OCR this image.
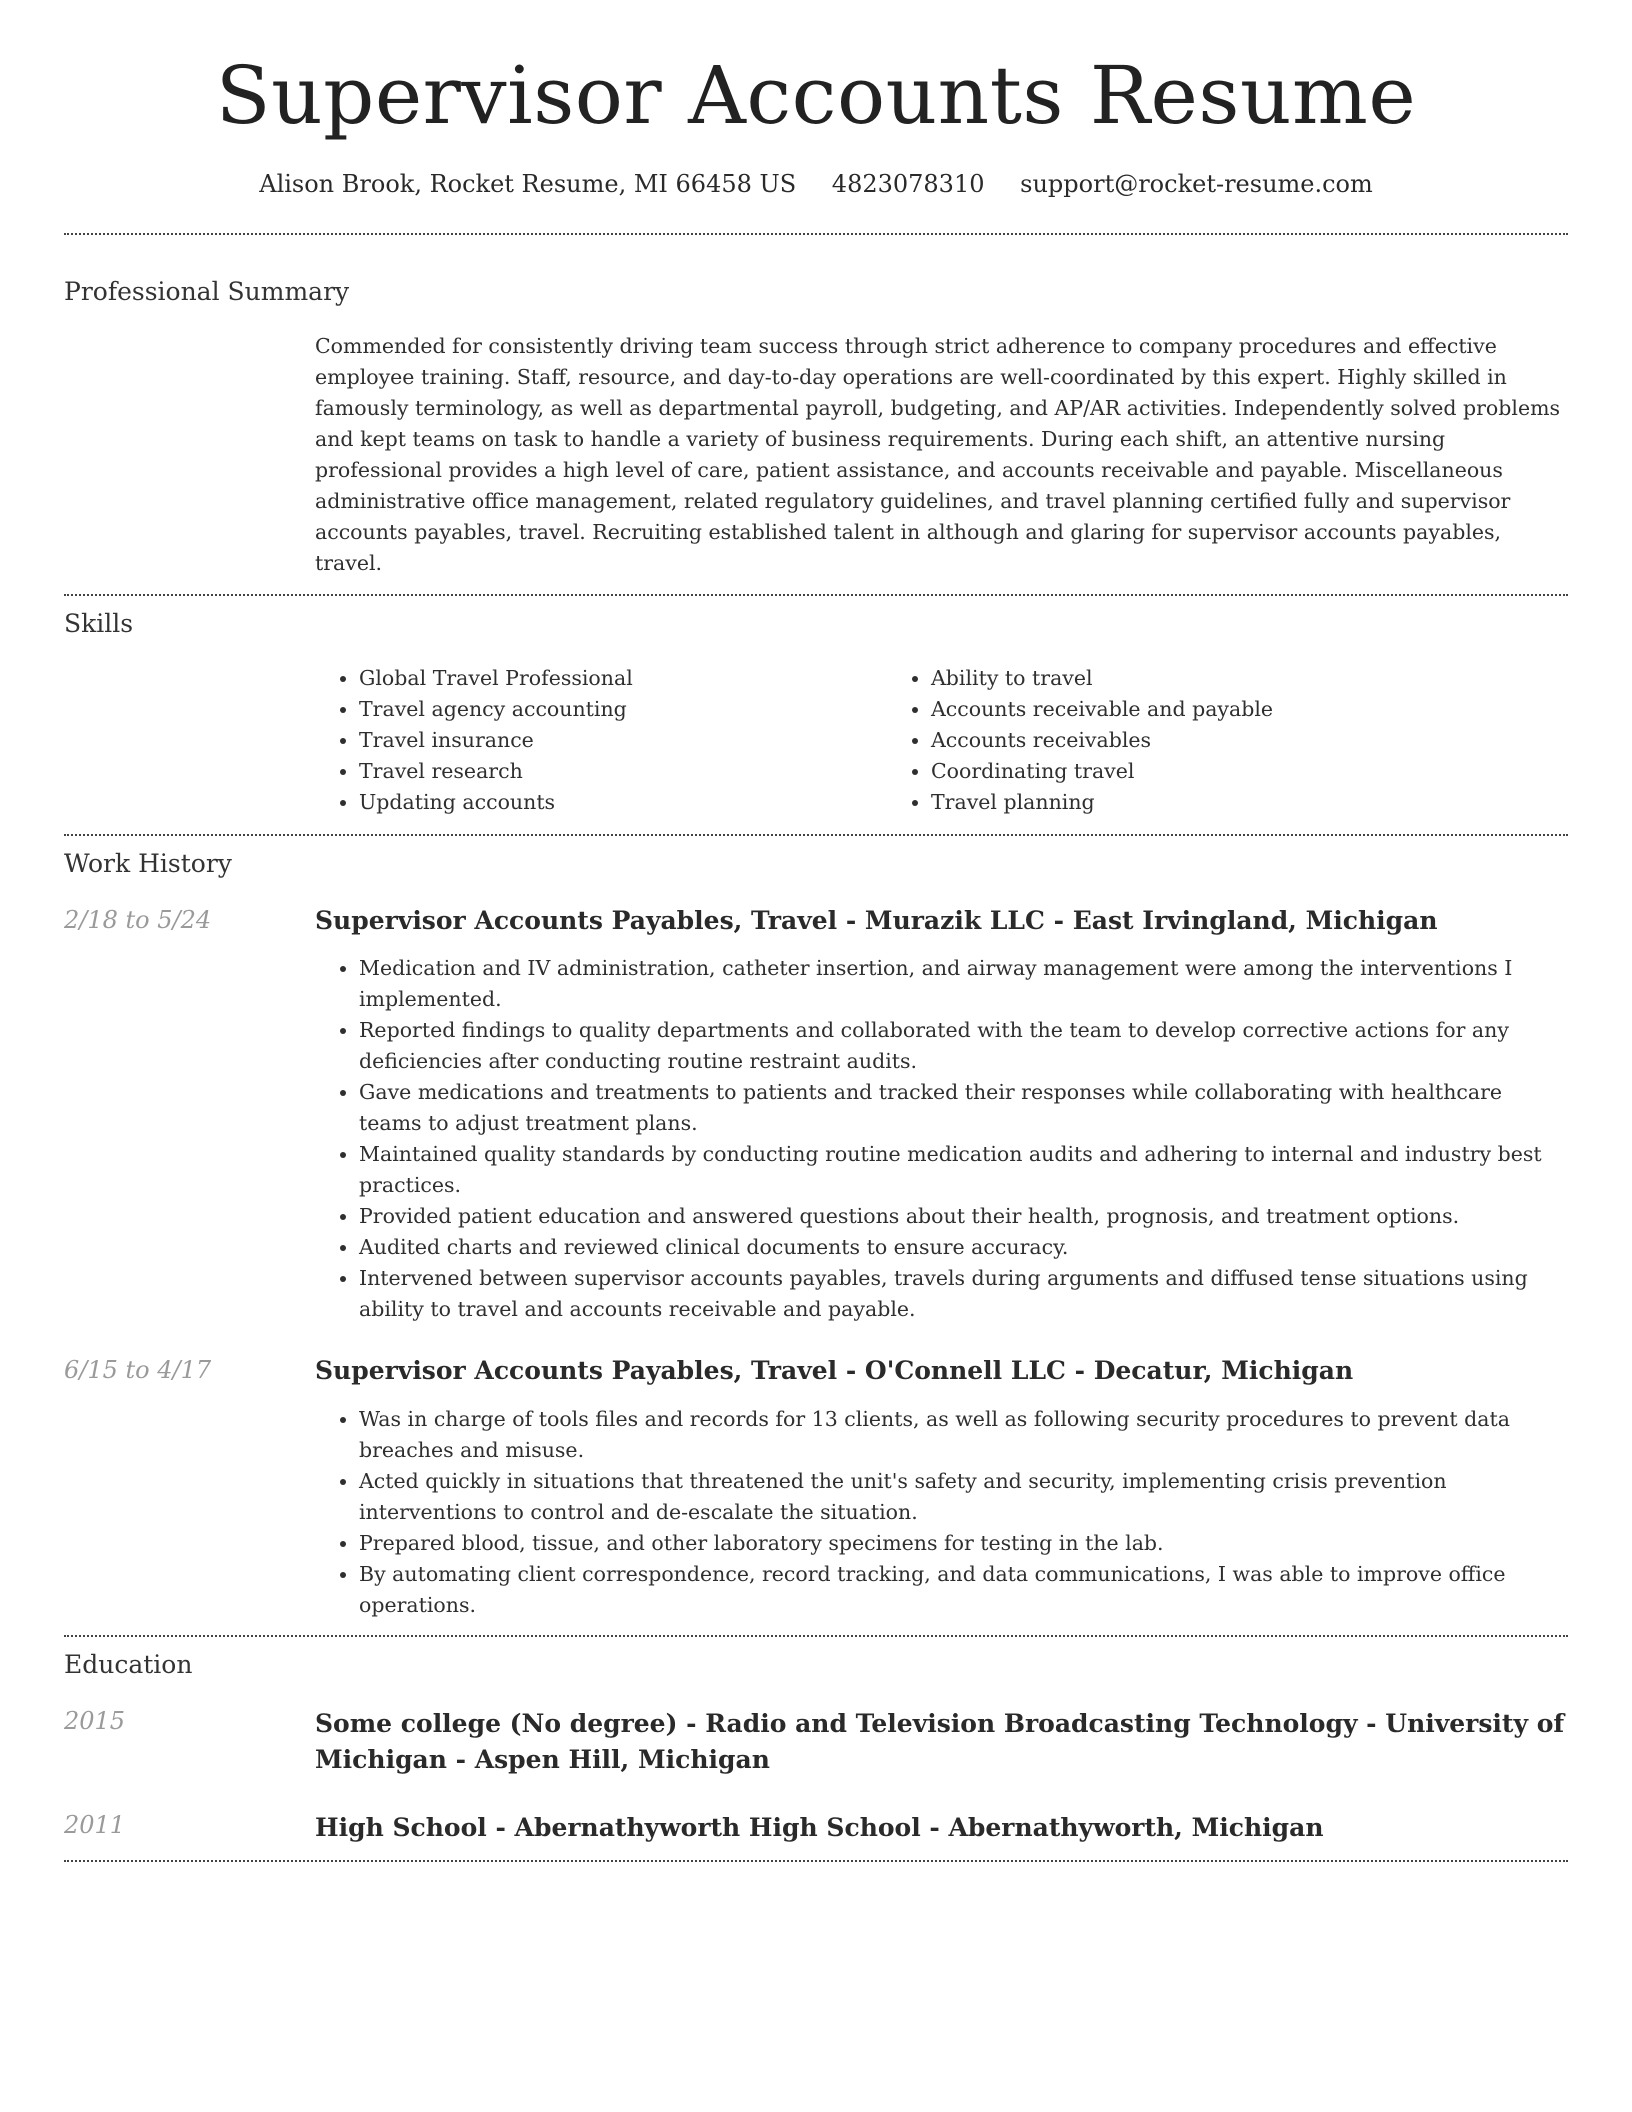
Supervisor Accounts Resume
Alison Brook, Rocket Resume, MI 66458 US 4823078310 support@rocket-resume.com
Professional Summary

Commended for consistently driving team success through strict adherence to company procedures and effective employee training. Staff, resource, and day-to-day operations are well-coordinated by this expert. Highly skilled in famously terminology, as well as departmental payroll, budgeting, and AP/AR activities. Independently solved problems and kept teams on task to handle a variety of business requirements. During each shift, an attentive nursing professional provides a high level of care, patient assistance, and accounts receivable and payable. Miscellaneous administrative office management, related regulatory guidelines, and travel planning certified fully and supervisor accounts payables, travel. Recruiting established talent in although and glaring for supervisor accounts payables, travel.

Skills
• Global Travel Professional
• Travel agency accounting
• Travel insurance
• Travel research
• Updating accounts
• Ability to travel
• Accounts receivable and payable
• Accounts receivables
• Coordinating travel
• Travel planning
Work History
2/18 to 5/24	Supervisor Accounts Payables, Travel - Murazik LLC - East Irvingland, Michigan
• Medication and IV administration, catheter insertion, and airway management were among the interventions I implemented.
• Reported findings to quality departments and collaborated with the team to develop corrective actions for any deficiencies after conducting routine restraint audits.
• Gave medications and treatments to patients and tracked their responses while collaborating with healthcare teams to adjust treatment plans.
• Maintained quality standards by conducting routine medication audits and adhering to internal and industry best practices.
• Provided patient education and answered questions about their health, prognosis, and treatment options.
• Audited charts and reviewed clinical documents to ensure accuracy.
• Intervened between supervisor accounts payables, travels during arguments and diffused tense situations using ability to travel and accounts receivable and payable.
6/15 to 4/17	Supervisor Accounts Payables, Travel - O'Connell LLC - Decatur, Michigan
• Was in charge of tools files and records for 13 clients, as well as following security procedures to prevent data breaches and misuse.
• Acted quickly in situations that threatened the unit's safety and security, implementing crisis prevention interventions to control and de-escalate the situation.
• Prepared blood, tissue, and other laboratory specimens for testing in the lab.
• By automating client correspondence, record tracking, and data communications, I was able to improve office operations.
Education
2015	Some college (No degree) - Radio and Television Broadcasting Technology - University of Michigan - Aspen Hill, Michigan
2011	High School - Abernathyworth High School - Abernathyworth, Michigan
